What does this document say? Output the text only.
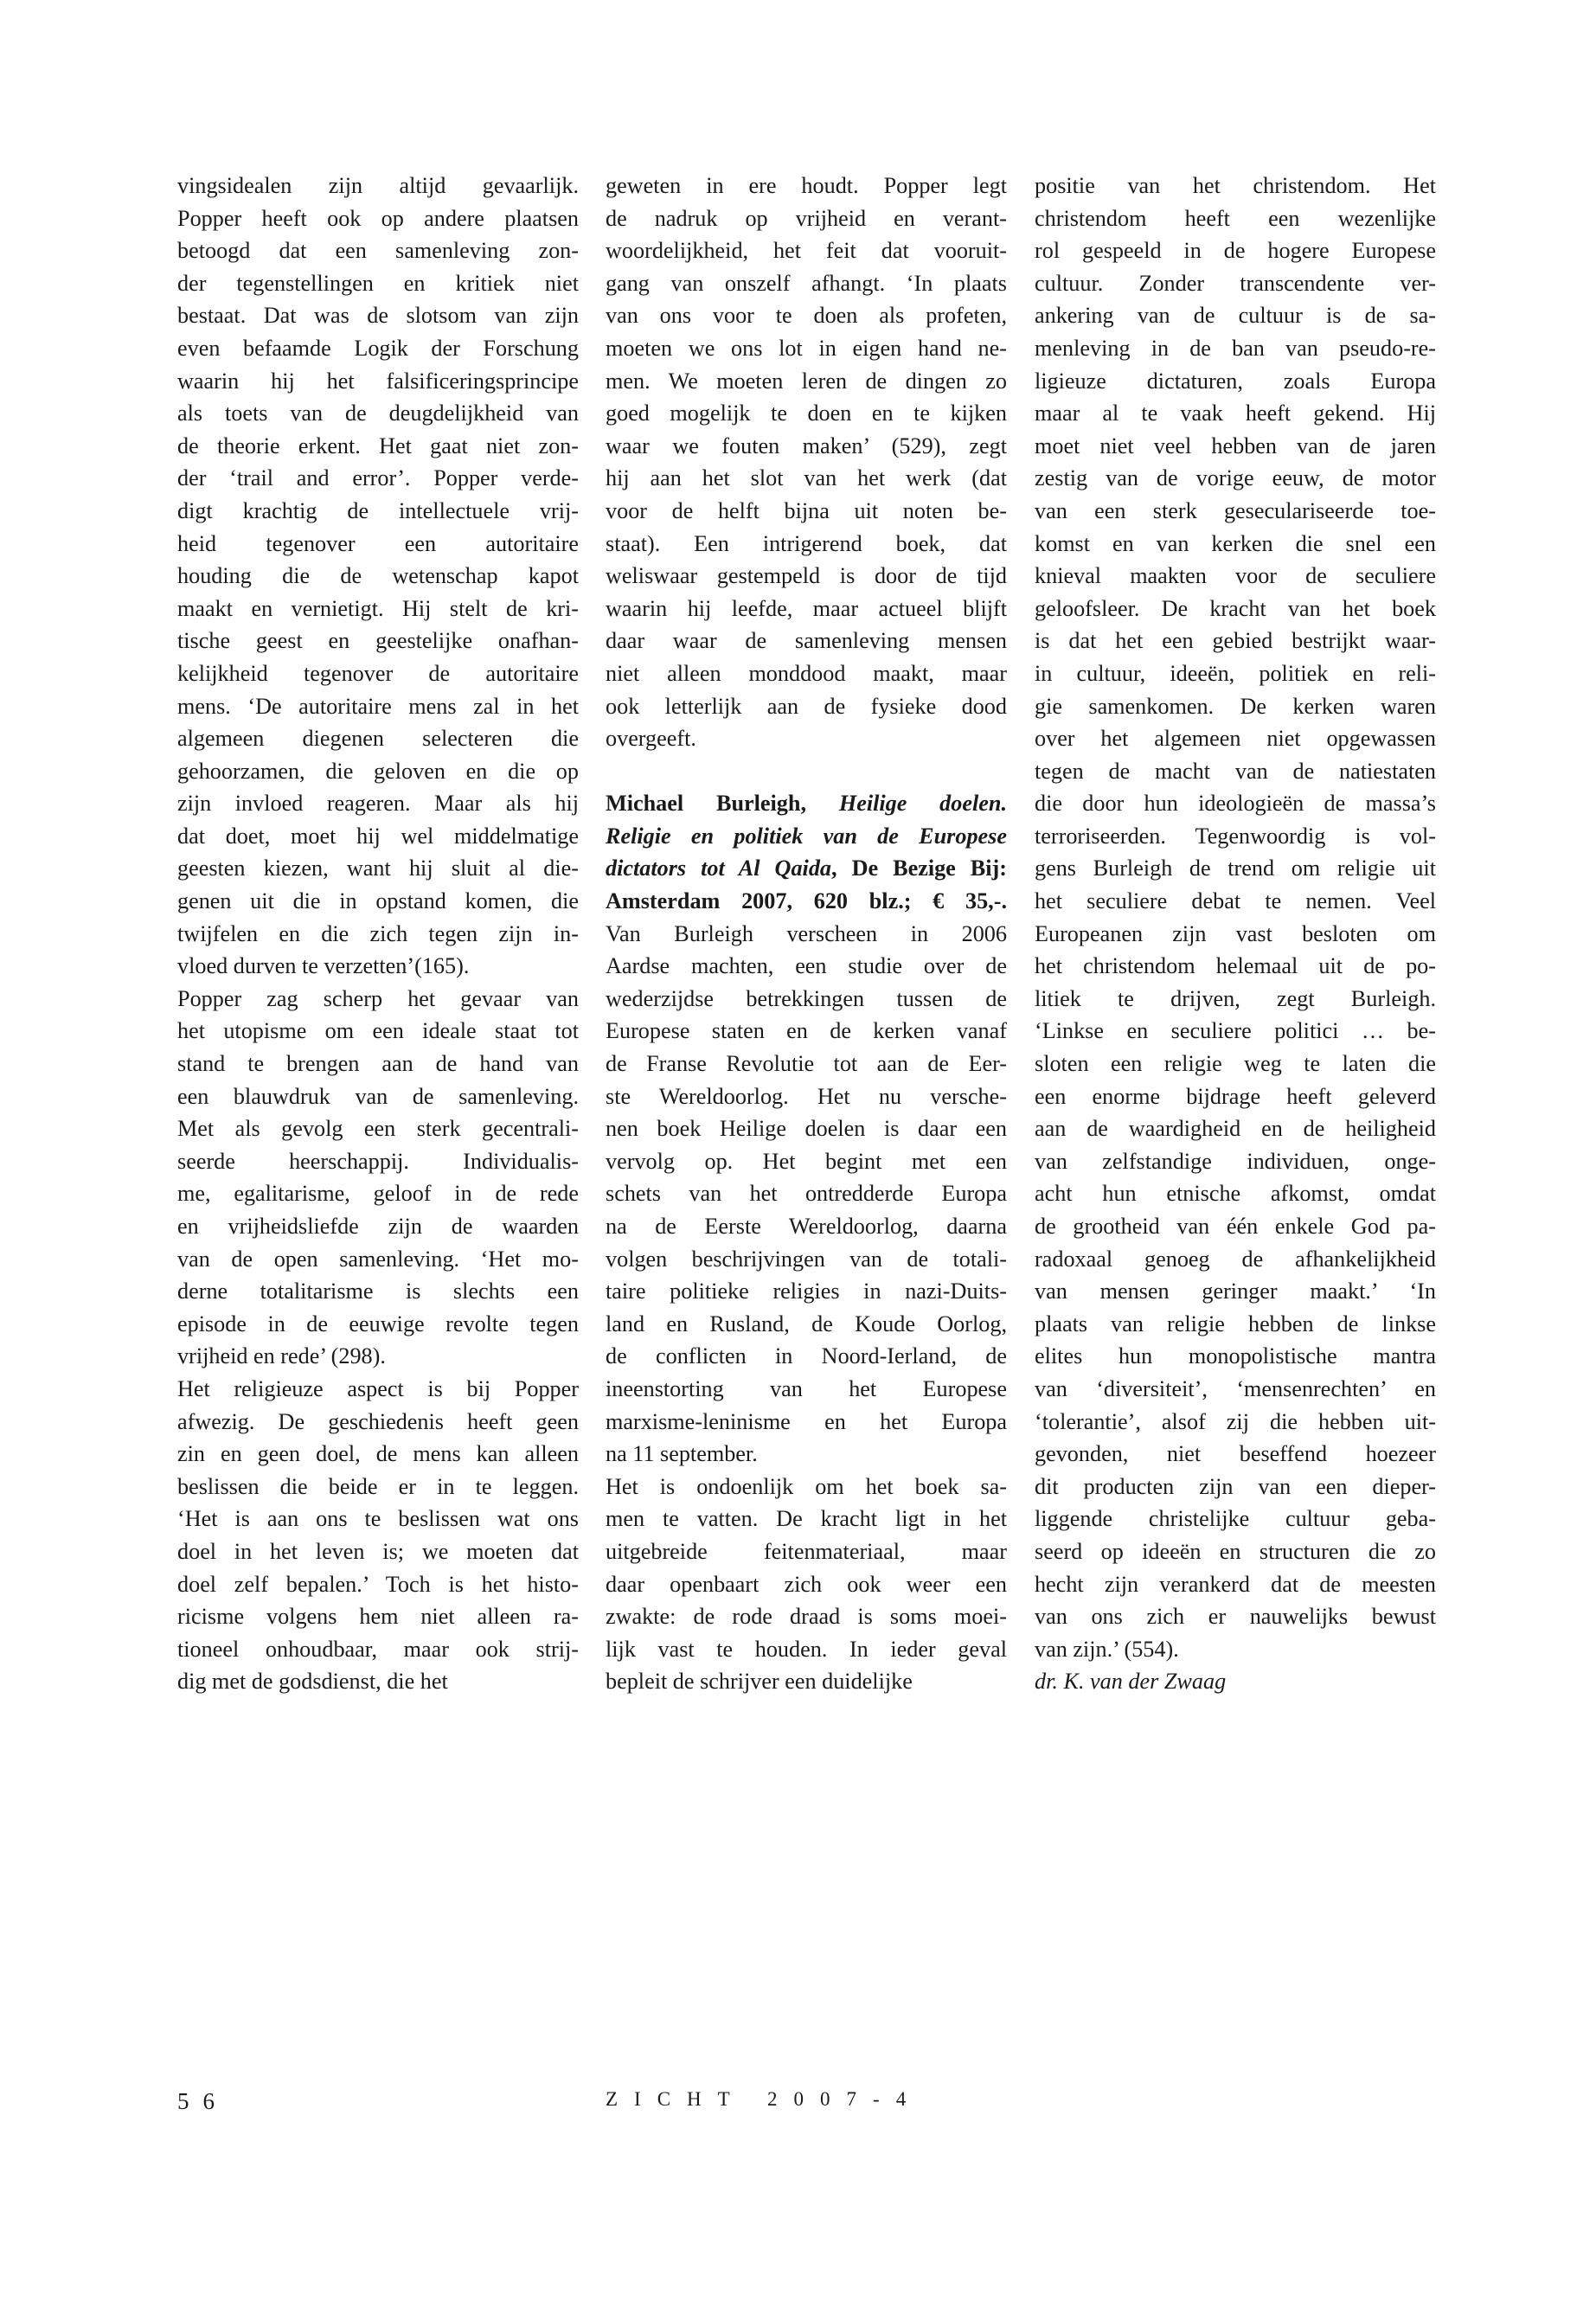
vingsidealen zijn altijd gevaarlijk.
Popper heeft ook op andere plaatsen
betoogd dat een samenleving zon-
der tegenstellingen en kritiek niet
bestaat. Dat was de slotsom van zijn
even befaamde Logik der Forschung
waarin hij het falsificeringsprincipe
als toets van de deugdelijkheid van
de theorie erkent. Het gaat niet zon-
der ‘trail and error’. Popper verde-
digt krachtig de intellectuele vrij-
heid tegenover een autoritaire
houding die de wetenschap kapot
maakt en vernietigt. Hij stelt de kri-
tische geest en geestelijke onafhan-
kelijkheid tegenover de autoritaire
mens. ‘De autoritaire mens zal in het
algemeen diegenen selecteren die
gehoorzamen, die geloven en die op
zijn invloed reageren. Maar als hij
dat doet, moet hij wel middelmatige
geesten kiezen, want hij sluit al die-
genen uit die in opstand komen, die
twijfelen en die zich tegen zijn in-
vloed durven te verzetten’(165).
Popper zag scherp het gevaar van
het utopisme om een ideale staat tot
stand te brengen aan de hand van
een blauwdruk van de samenleving.
Met als gevolg een sterk gecentrali-
seerde heerschappij. Individualis-
me, egalitarisme, geloof in de rede
en vrijheidsliefde zijn de waarden
van de open samenleving. ‘Het mo-
derne totalitarisme is slechts een
episode in de eeuwige revolte tegen
vrijheid en rede’ (298).
Het religieuze aspect is bij Popper
afwezig. De geschiedenis heeft geen
zin en geen doel, de mens kan alleen
beslissen die beide er in te leggen.
‘Het is aan ons te beslissen wat ons
doel in het leven is; we moeten dat
doel zelf bepalen.’ Toch is het histo-
ricisme volgens hem niet alleen ra-
tioneel onhoudbaar, maar ook strij-
dig met de godsdienst, die het
geweten in ere houdt. Popper legt
de nadruk op vrijheid en verant-
woordelijkheid, het feit dat vooruit-
gang van onszelf afhangt. ‘In plaats
van ons voor te doen als profeten,
moeten we ons lot in eigen hand ne-
men. We moeten leren de dingen zo
goed mogelijk te doen en te kijken
waar we fouten maken’ (529), zegt
hij aan het slot van het werk (dat
voor de helft bijna uit noten be-
staat). Een intrigerend boek, dat
weliswaar gestempeld is door de tijd
waarin hij leefde, maar actueel blijft
daar waar de samenleving mensen
niet alleen monddood maakt, maar
ook letterlijk aan de fysieke dood
overgeeft.
Michael Burleigh, Heilige doelen.
Religie en politiek van de Europese
dictators tot Al Qaida, De Bezige Bij:
Amsterdam 2007, 620 blz.; € 35,-.
Van Burleigh verscheen in 2006
Aardse machten, een studie over de
wederzijdse betrekkingen tussen de
Europese staten en de kerken vanaf
de Franse Revolutie tot aan de Eer-
ste Wereldoorlog. Het nu versche-
nen boek Heilige doelen is daar een
vervolg op. Het begint met een
schets van het ontredderde Europa
na de Eerste Wereldoorlog, daarna
volgen beschrijvingen van de totali-
taire politieke religies in nazi-Duits-
land en Rusland, de Koude Oorlog,
de conflicten in Noord-Ierland, de
ineenstorting van het Europese
marxisme-leninisme en het Europa
na 11 september.
Het is ondoenlijk om het boek sa-
men te vatten. De kracht ligt in het
uitgebreide feitenmateriaal, maar
daar openbaart zich ook weer een
zwakte: de rode draad is soms moei-
lijk vast te houden. In ieder geval
bepleit de schrijver een duidelijke
positie van het christendom. Het
christendom heeft een wezenlijke
rol gespeeld in de hogere Europese
cultuur. Zonder transcendente ver-
ankering van de cultuur is de sa-
menleving in de ban van pseudo-re-
ligieuze dictaturen, zoals Europa
maar al te vaak heeft gekend. Hij
moet niet veel hebben van de jaren
zestig van de vorige eeuw, de motor
van een sterk geseculariseerde toe-
komst en van kerken die snel een
knieval maakten voor de seculiere
geloofsleer. De kracht van het boek
is dat het een gebied bestrijkt waar-
in cultuur, ideeën, politiek en reli-
gie samenkomen. De kerken waren
over het algemeen niet opgewassen
tegen de macht van de natiestaten
die door hun ideologieën de massa’s
terroriseerden. Tegenwoordig is vol-
gens Burleigh de trend om religie uit
het seculiere debat te nemen. Veel
Europeanen zijn vast besloten om
het christendom helemaal uit de po-
litiek te drijven, zegt Burleigh.
‘Linkse en seculiere politici … be-
sloten een religie weg te laten die
een enorme bijdrage heeft geleverd
aan de waardigheid en de heiligheid
van zelfstandige individuen, onge-
acht hun etnische afkomst, omdat
de grootheid van één enkele God pa-
radoxaal genoeg de afhankelijkheid
van mensen geringer maakt.’ ‘In
plaats van religie hebben de linkse
elites hun monopolistische mantra
van ‘diversiteit’, ‘mensenrechten’ en
‘tolerantie’, alsof zij die hebben uit-
gevonden, niet beseffend hoezeer
dit producten zijn van een dieper-
liggende christelijke cultuur geba-
seerd op ideeën en structuren die zo
hecht zijn verankerd dat de meesten
van ons zich er nauwelijks bewust
van zijn.’ (554).
dr. K. van der Zwaag
56	ZICHT 2007-4
